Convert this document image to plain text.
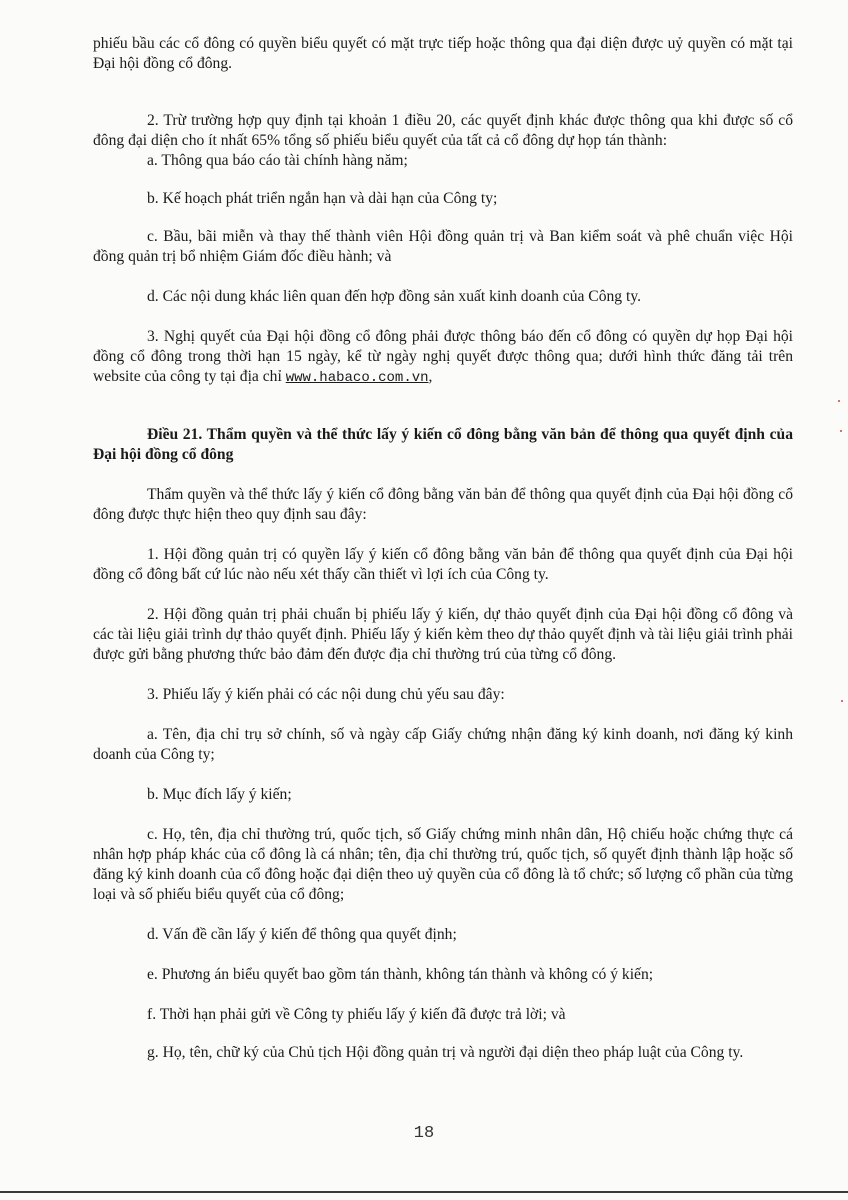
phiếu bầu các cổ đông có quyền biểu quyết có mặt trực tiếp hoặc thông qua đại diện được uỷ quyền có mặt tại Đại hội đồng cổ đông.

2. Trừ trường hợp quy định tại khoản 1 điều 20, các quyết định khác được thông qua khi được số cổ đông đại diện cho ít nhất 65% tổng số phiếu biểu quyết của tất cả cổ đông dự họp tán thành:

a. Thông qua báo cáo tài chính hàng năm;

b. Kế hoạch phát triển ngắn hạn và dài hạn của Công ty;

c. Bầu, bãi miễn và thay thế thành viên Hội đồng quản trị và Ban kiểm soát và phê chuẩn việc Hội đồng quản trị bổ nhiệm Giám đốc điều hành; và

d. Các nội dung khác liên quan đến hợp đồng sản xuất kinh doanh của Công ty.

3. Nghị quyết của Đại hội đồng cổ đông phải được thông báo đến cổ đông có quyền dự họp Đại hội đồng cổ đông trong thời hạn 15 ngày, kể từ ngày nghị quyết được thông qua; dưới hình thức đăng tải trên website của công ty tại địa chỉ www.habaco.com.vn,

Điều 21. Thẩm quyền và thể thức lấy ý kiến cổ đông bằng văn bản để thông qua quyết định của Đại hội đồng cổ đông

Thẩm quyền và thể thức lấy ý kiến cổ đông bằng văn bản để thông qua quyết định của Đại hội đồng cổ đông được thực hiện theo quy định sau đây:

1. Hội đồng quản trị có quyền lấy ý kiến cổ đông bằng văn bản để thông qua quyết định của Đại hội đồng cổ đông bất cứ lúc nào nếu xét thấy cần thiết vì lợi ích của Công ty.

2. Hội đồng quản trị phải chuẩn bị phiếu lấy ý kiến, dự thảo quyết định của Đại hội đồng cổ đông và các tài liệu giải trình dự thảo quyết định. Phiếu lấy ý kiến kèm theo dự thảo quyết định và tài liệu giải trình phải được gửi bằng phương thức bảo đảm đến được địa chỉ thường trú của từng cổ đông.

3. Phiếu lấy ý kiến phải có các nội dung chủ yếu sau đây:

a. Tên, địa chỉ trụ sở chính, số và ngày cấp Giấy chứng nhận đăng ký kinh doanh, nơi đăng ký kinh doanh của Công ty;

b. Mục đích lấy ý kiến;

c. Họ, tên, địa chỉ thường trú, quốc tịch, số Giấy chứng minh nhân dân, Hộ chiếu hoặc chứng thực cá nhân hợp pháp khác của cổ đông là cá nhân; tên, địa chỉ thường trú, quốc tịch, số quyết định thành lập hoặc số đăng ký kinh doanh của cổ đông hoặc đại diện theo uỷ quyền của cổ đông là tổ chức; số lượng cổ phần của từng loại và số phiếu biểu quyết của cổ đông;

d. Vấn đề cần lấy ý kiến để thông qua quyết định;

e. Phương án biểu quyết bao gồm tán thành, không tán thành và không có ý kiến;

f. Thời hạn phải gửi về Công ty phiếu lấy ý kiến đã được trả lời; và

g. Họ, tên, chữ ký của Chủ tịch Hội đồng quản trị và người đại diện theo pháp luật của Công ty.

18
